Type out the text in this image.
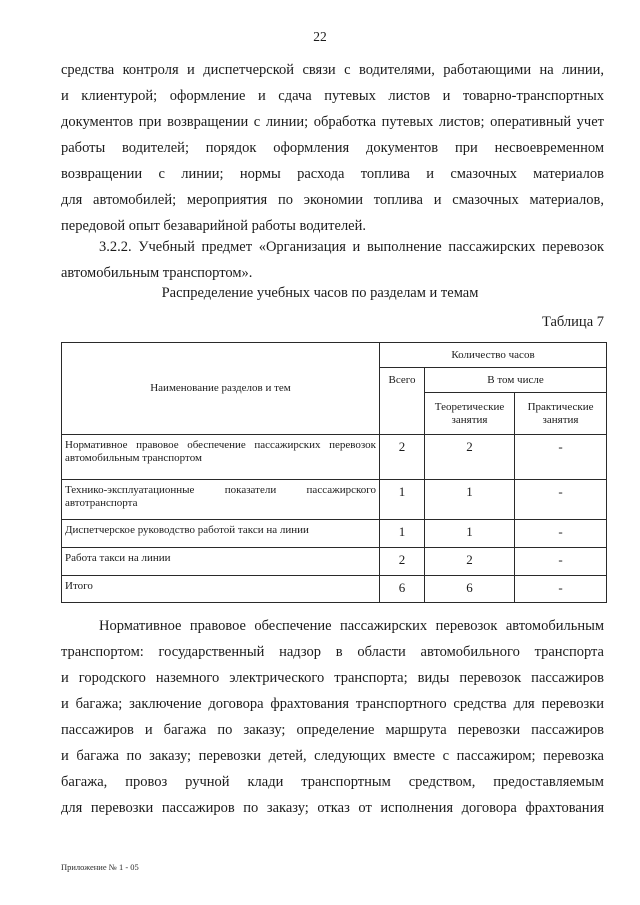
22

средства контроля и диспетчерской связи с водителями, работающими на линии,
и клиентурой; оформление и сдача путевых листов и товарно-транспортных
документов при возвращении с линии; обработка путевых листов; оперативный учет
работы водителей; порядок оформления документов при несвоевременном
возвращении с линии; нормы расхода топлива и смазочных материалов
для автомобилей; мероприятия по экономии топлива и смазочных материалов,
передовой опыт безаварийной работы водителей.

3.2.2. Учебный предмет «Организация и выполнение пассажирских перевозок
автомобильным транспортом».

Распределение учебных часов по разделам и темам
Таблица 7
Наименование разделов и тем	Количество часов		
	Всего	В том числе	
		Теоретические занятия	Практические занятия
Нормативное правовое обеспечение пассажирских перевозок автомобильным транспортом	2	2	-
Технико-эксплуатационные показатели пассажирского автотранспорта	1	1	-
Диспетчерское руководство работой такси на линии	1	1	-
Работа такси на линии	2	2	-
Итого	6	6	-

Нормативное правовое обеспечение пассажирских перевозок автомобильным
транспортом: государственный надзор в области автомобильного транспорта
и городского наземного электрического транспорта; виды перевозок пассажиров
и багажа; заключение договора фрахтования транспортного средства для перевозки
пассажиров и багажа по заказу; определение маршрута перевозки пассажиров
и багажа по заказу; перевозки детей, следующих вместе с пассажиром; перевозка
багажа, провоз ручной клади транспортным средством, предоставляемым
для перевозки пассажиров по заказу; отказ от исполнения договора фрахтования

Приложение № 1 - 05
